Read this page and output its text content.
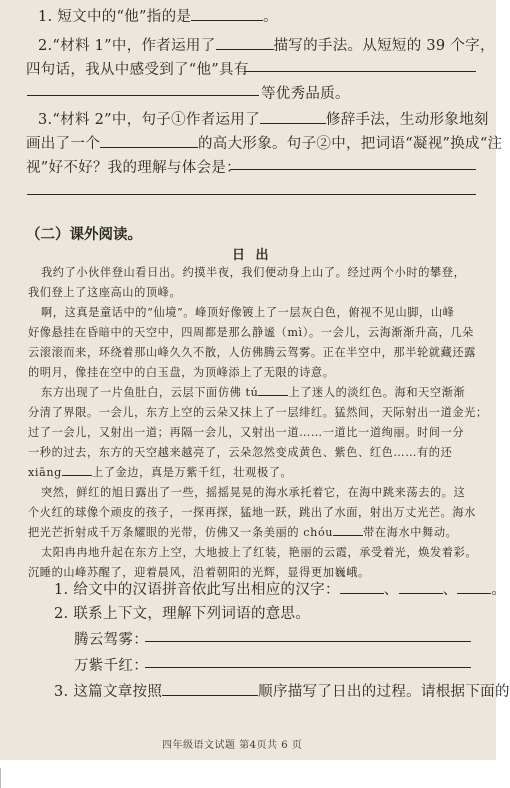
1. 短文中的“他”指的是	。
2.“材料 1”中，作者运用了	描写的手法。从短短的 39 个字，
四句话，我从中感受到了“他”具有
等优秀品质。
3.“材料 2”中，句子①作者运用了	修辞手法，生动形象地刻
画出了一个	的高大形象。句子②中，把词语“凝视”换成“注
视”好不好？我的理解与体会是：
（二）课外阅读。
日 出
我约了小伙伴登山看日出。约摸半夜，我们便动身上山了。经过两个小时的攀登，
我们登上了这座高山的顶峰。
啊，这真是童话中的“仙境”。峰顶好像镀上了一层灰白色，俯视不见山脚，山峰
好像悬挂在昏暗中的天空中，四周都是那么静谧（mì）。一会儿，云海渐渐升高，几朵
云滚滚而来，环绕着那山峰久久不散，人仿佛腾云驾雾。正在半空中，那半轮就藏还露
的明月，像挂在空中的白玉盘，为顶峰添上了无限的诗意。
东方出现了一片鱼肚白，云层下面仿佛 tú	上了迷人的淡红色。海和天空渐渐
分清了界限。一会儿，东方上空的云朵又抹上了一层绯红。猛然间，天际射出一道金光；
过了一会儿，又射出一道；再隔一会儿，又射出一道……一道比一道绚丽。时间一分
一秒的过去，东方的天空越来越亮了，云朵忽然变成黄色、紫色、红色……有的还
xiāng	上了金边，真是万紫千红，壮观极了。
突然，鲜红的旭日露出了一些，摇摇晃晃的海水承托着它，在海中跳来荡去的。这
个火红的球像个顽皮的孩子，一探再探，猛地一跃，跳出了水面，射出万丈光芒。海水
把光芒折射成千万条耀眼的光带，仿佛又一条美丽的 chóu	带在海水中舞动。
太阳冉冉地升起在东方上空，大地披上了红装，艳丽的云霞，承受着光，焕发着彩。
沉睡的山峰苏醒了，迎着晨风，沿着朝阳的光辉，显得更加巍峨。
1. 给文中的汉语拼音依此写出相应的汉字：	、	、 。
2. 联系上下文，理解下列词语的意思。
腾云驾雾：
万紫千红：
3. 这篇文章按照	顺序描写了日出的过程。请根据下面的
四年级语文试题 第4页共 6 页
